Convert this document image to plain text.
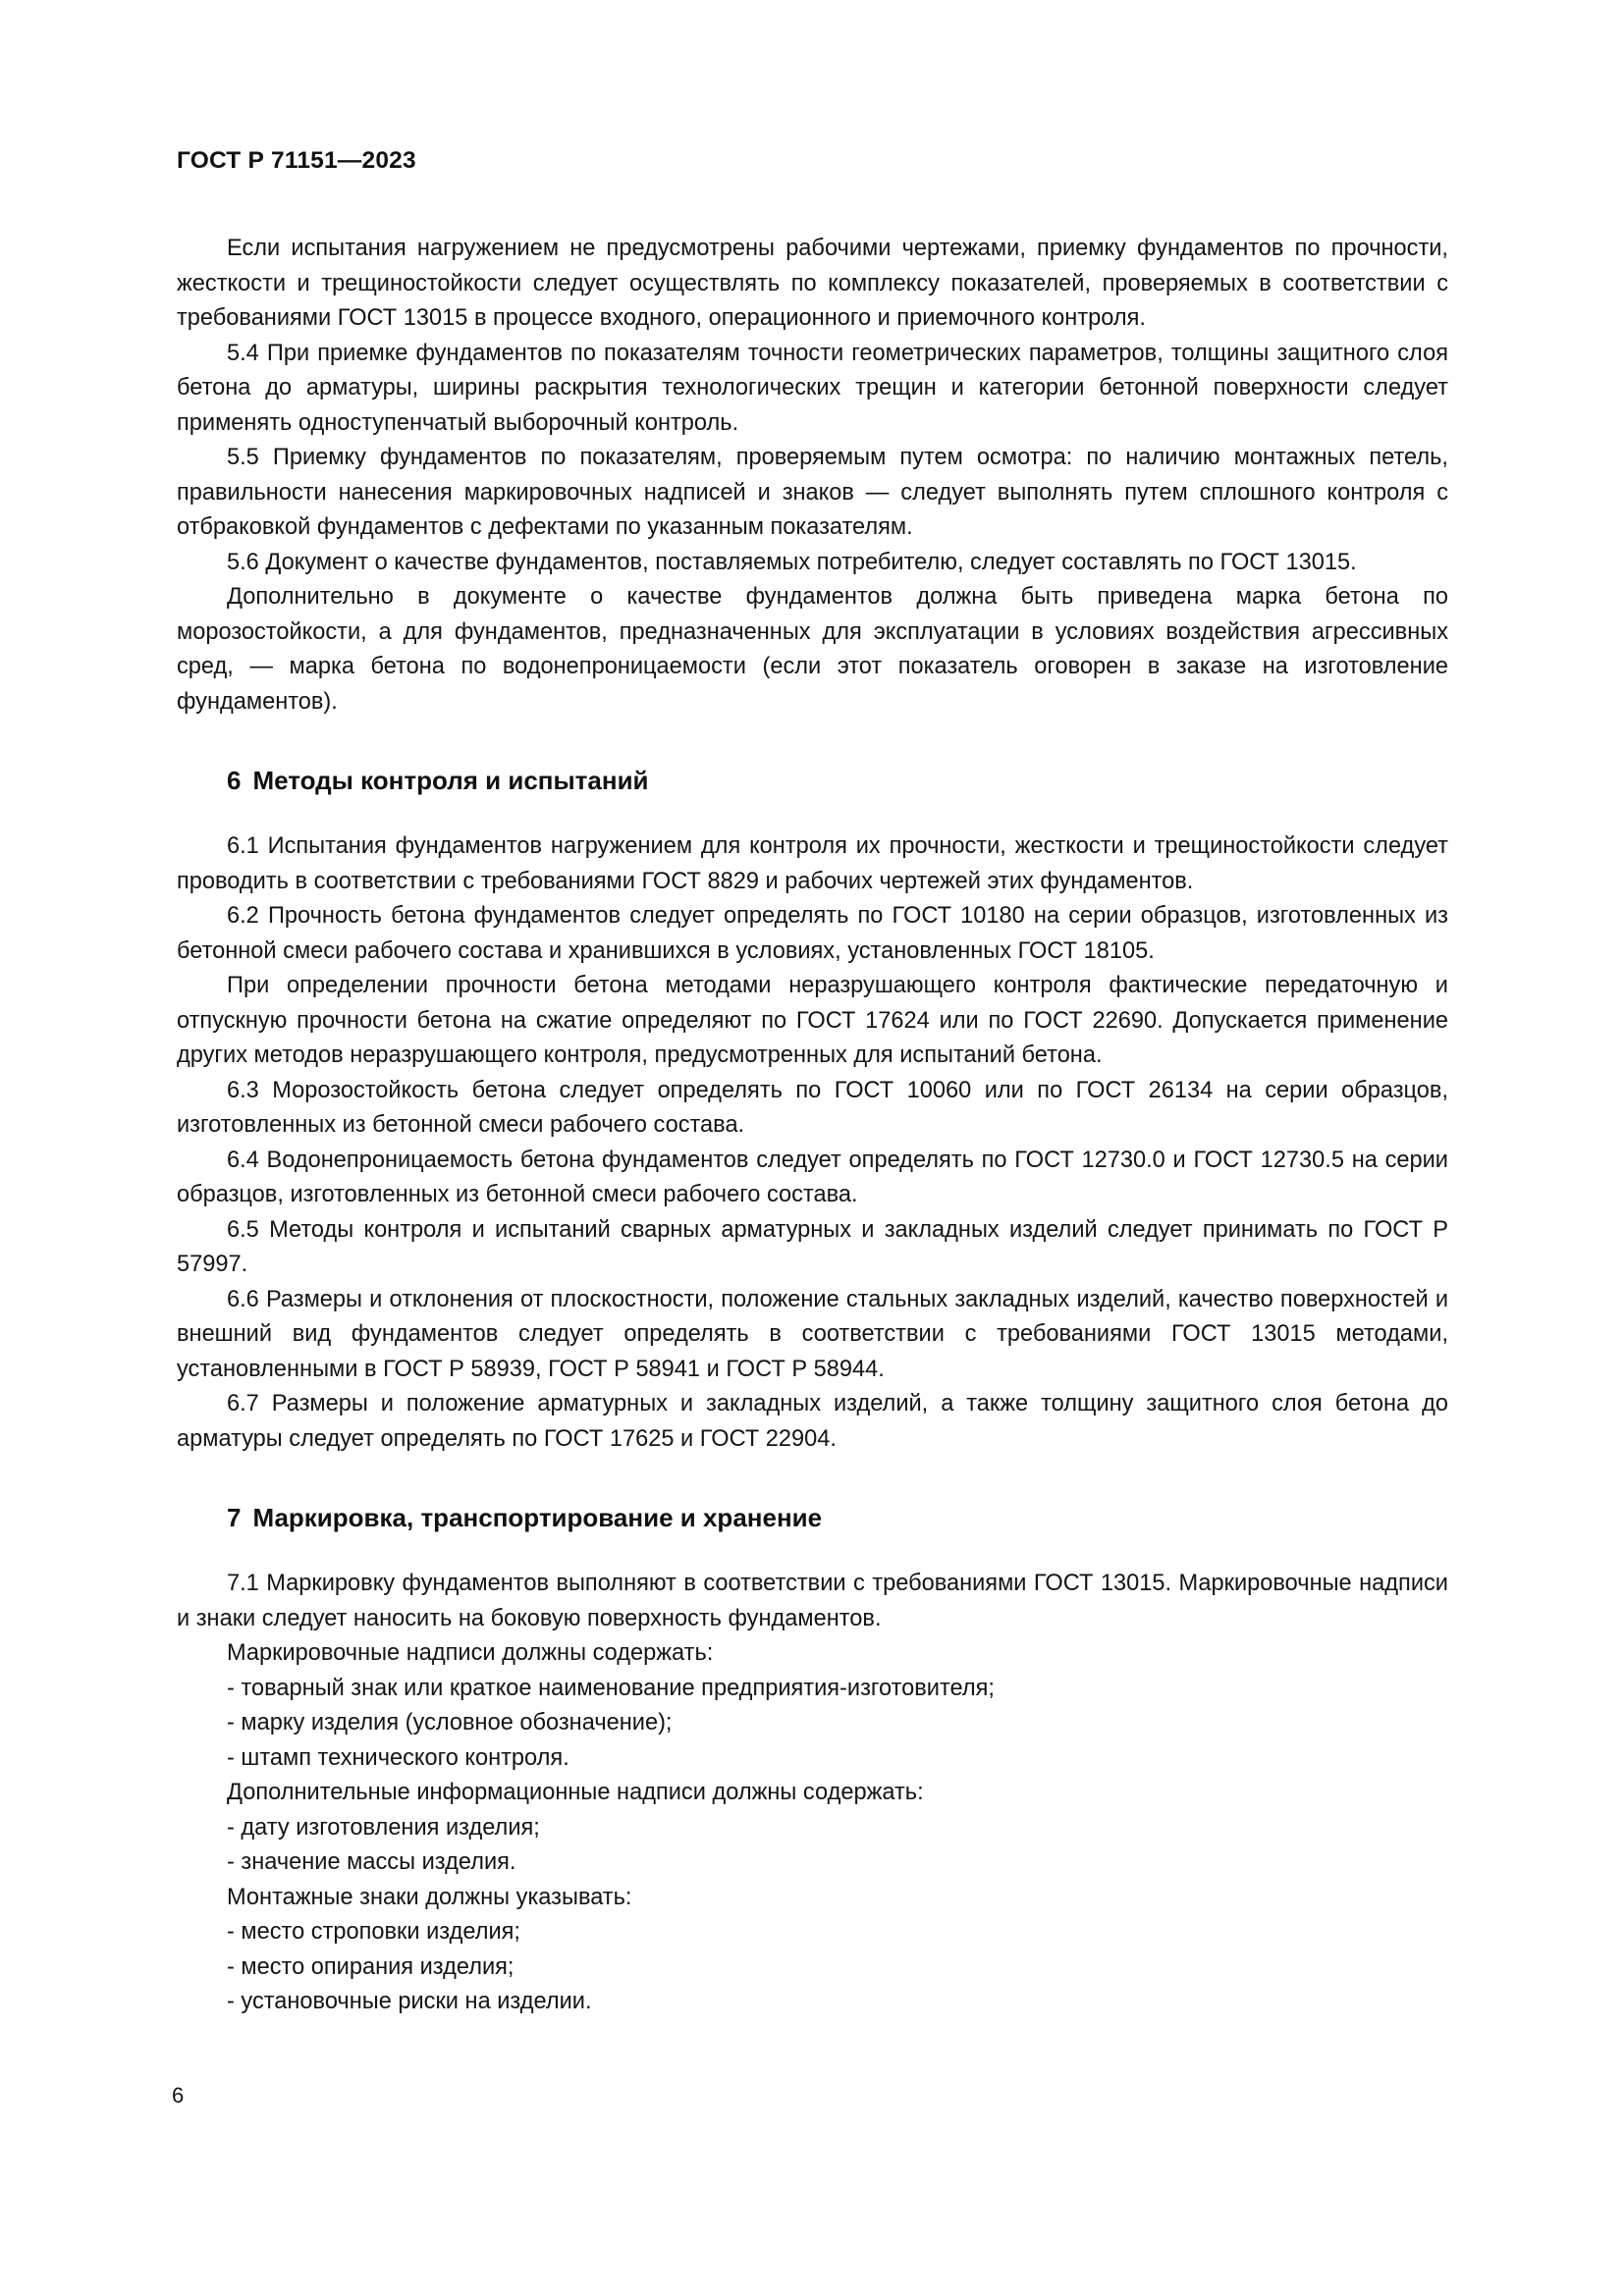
ГОСТ Р 71151—2023

Если испытания нагружением не предусмотрены рабочими чертежами, приемку фундаментов по прочности, жесткости и трещиностойкости следует осуществлять по комплексу показателей, проверяемых в соответствии с требованиями ГОСТ 13015 в процессе входного, операционного и приемочного контроля.

5.4 При приемке фундаментов по показателям точности геометрических параметров, толщины защитного слоя бетона до арматуры, ширины раскрытия технологических трещин и категории бетонной поверхности следует применять одноступенчатый выборочный контроль.

5.5 Приемку фундаментов по показателям, проверяемым путем осмотра: по наличию монтажных петель, правильности нанесения маркировочных надписей и знаков — следует выполнять путем сплошного контроля с отбраковкой фундаментов с дефектами по указанным показателям.

5.6 Документ о качестве фундаментов, поставляемых потребителю, следует составлять по ГОСТ 13015.

Дополнительно в документе о качестве фундаментов должна быть приведена марка бетона по морозостойкости, а для фундаментов, предназначенных для эксплуатации в условиях воздействия агрессивных сред, — марка бетона по водонепроницаемости (если этот показатель оговорен в заказе на изготовление фундаментов).

6 Методы контроля и испытаний

6.1 Испытания фундаментов нагружением для контроля их прочности, жесткости и трещиностойкости следует проводить в соответствии с требованиями ГОСТ 8829 и рабочих чертежей этих фундаментов.

6.2 Прочность бетона фундаментов следует определять по ГОСТ 10180 на серии образцов, изготовленных из бетонной смеси рабочего состава и хранившихся в условиях, установленных ГОСТ 18105.

При определении прочности бетона методами неразрушающего контроля фактические передаточную и отпускную прочности бетона на сжатие определяют по ГОСТ 17624 или по ГОСТ 22690. Допускается применение других методов неразрушающего контроля, предусмотренных для испытаний бетона.

6.3 Морозостойкость бетона следует определять по ГОСТ 10060 или по ГОСТ 26134 на серии образцов, изготовленных из бетонной смеси рабочего состава.

6.4 Водонепроницаемость бетона фундаментов следует определять по ГОСТ 12730.0 и ГОСТ 12730.5 на серии образцов, изготовленных из бетонной смеси рабочего состава.

6.5 Методы контроля и испытаний сварных арматурных и закладных изделий следует принимать по ГОСТ Р 57997.

6.6 Размеры и отклонения от плоскостности, положение стальных закладных изделий, качество поверхностей и внешний вид фундаментов следует определять в соответствии с требованиями ГОСТ 13015 методами, установленными в ГОСТ Р 58939, ГОСТ Р 58941 и ГОСТ Р 58944.

6.7 Размеры и положение арматурных и закладных изделий, а также толщину защитного слоя бетона до арматуры следует определять по ГОСТ 17625 и ГОСТ 22904.

7 Маркировка, транспортирование и хранение

7.1 Маркировку фундаментов выполняют в соответствии с требованиями ГОСТ 13015. Маркировочные надписи и знаки следует наносить на боковую поверхность фундаментов.

Маркировочные надписи должны содержать:

- товарный знак или краткое наименование предприятия-изготовителя;

- марку изделия (условное обозначение);

- штамп технического контроля.

Дополнительные информационные надписи должны содержать:

- дату изготовления изделия;

- значение массы изделия.

Монтажные знаки должны указывать:

- место строповки изделия;

- место опирания изделия;

- установочные риски на изделии.

6
